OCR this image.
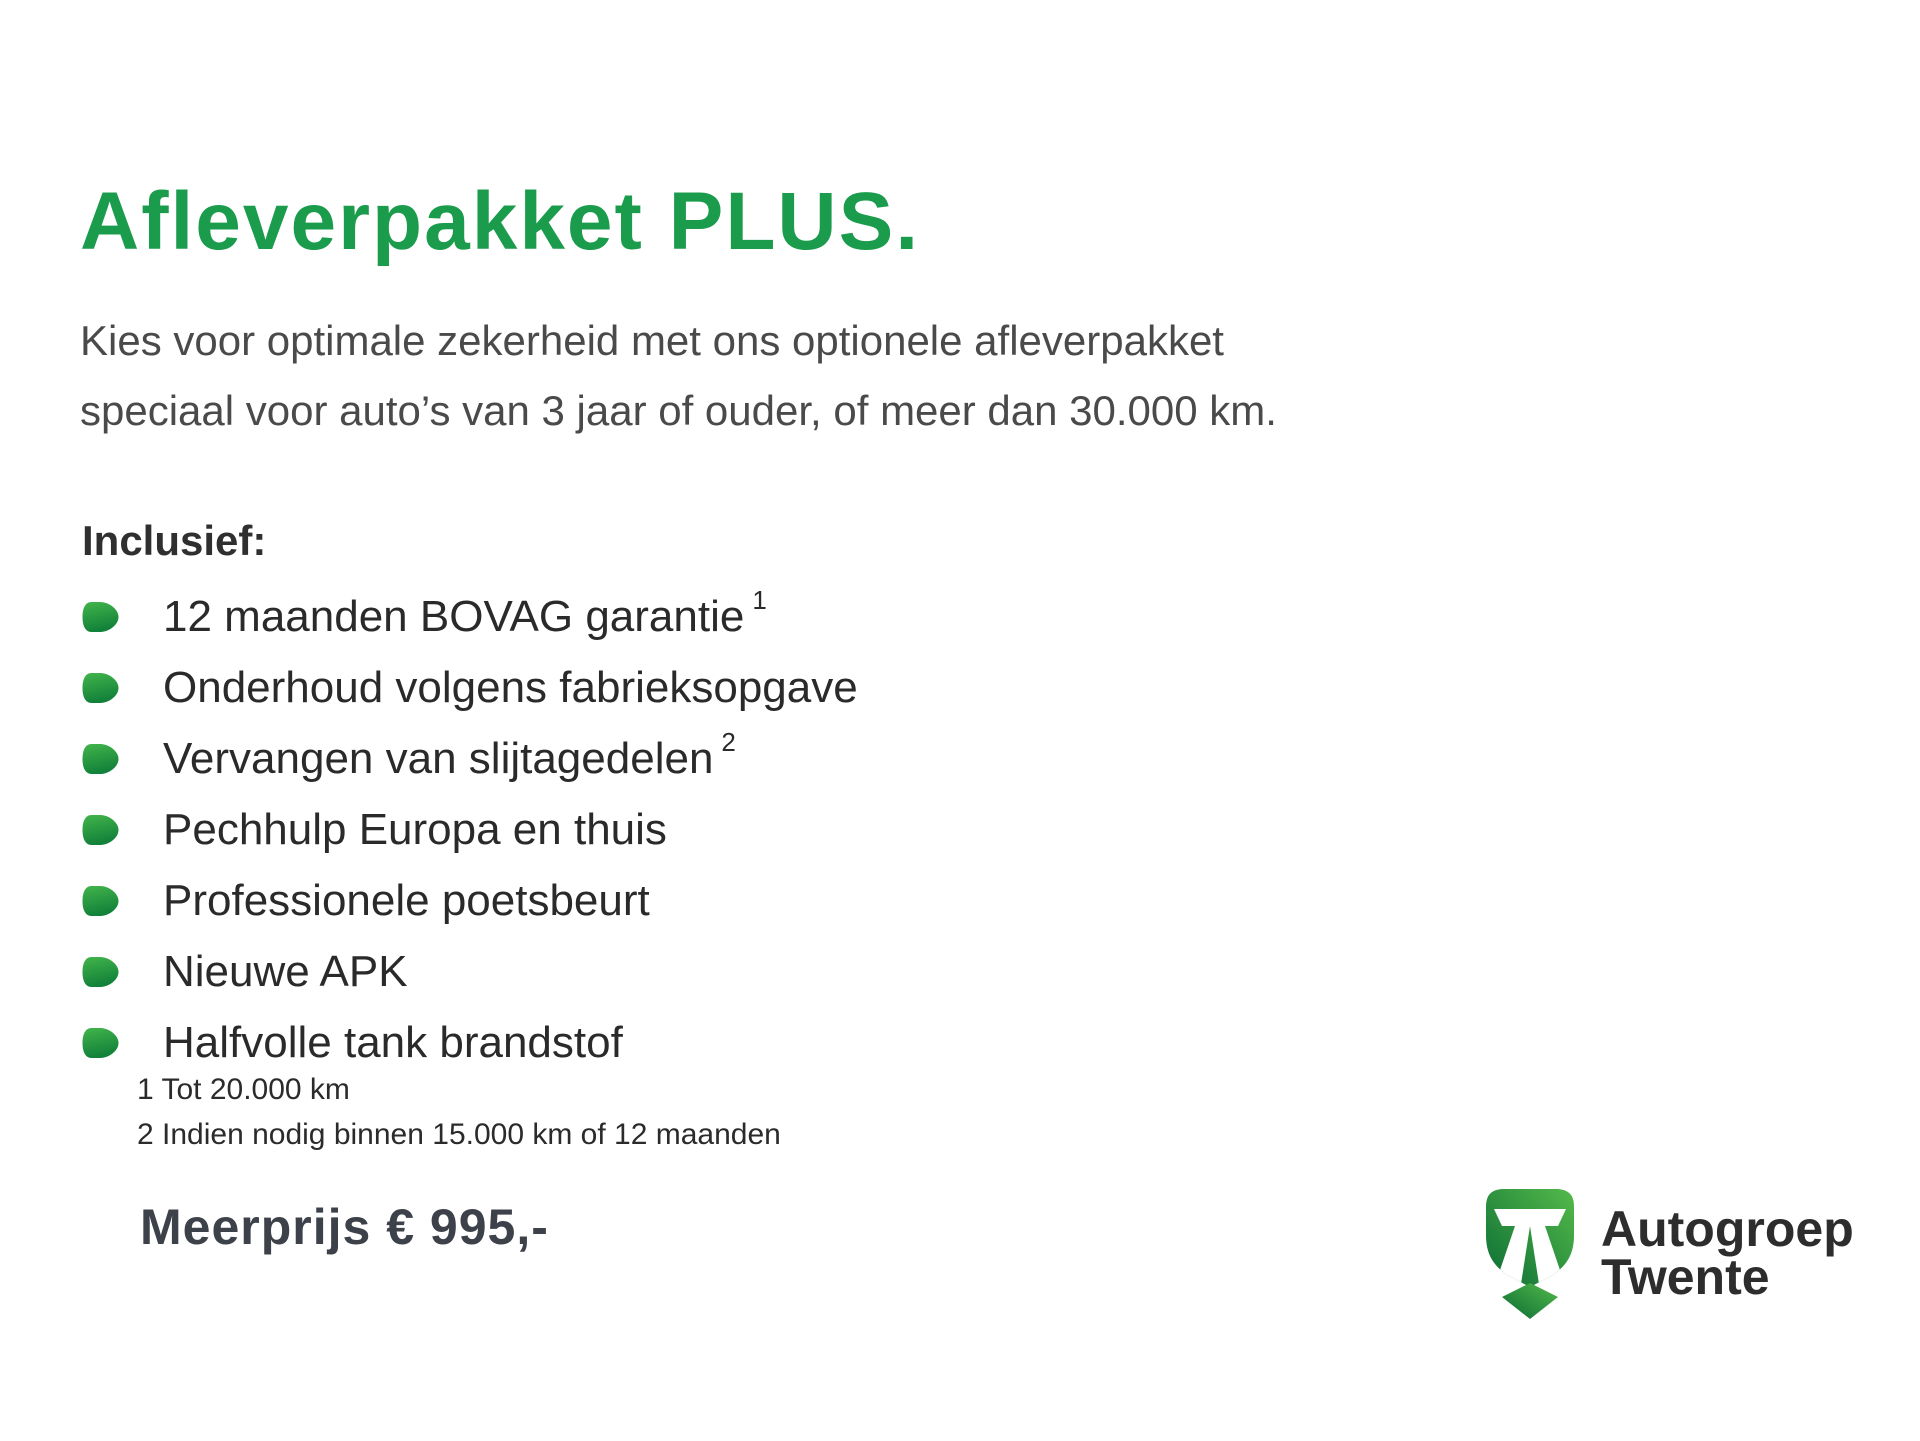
Afleverpakket PLUS.

Kies voor optimale zekerheid met ons optionele afleverpakket
speciaal voor auto’s van 3 jaar of ouder, of meer dan 30.000 km.

Inclusief:
12 maanden BOVAG garantie $^1$
Onderhoud volgens fabrieksopgave
Vervangen van slijtagedelen $^2$
Pechhulp Europa en thuis
Professionele poetsbeurt
Nieuwe APK
Halfvolle tank brandstof
1 Tot 20.000 km
2 Indien nodig binnen 15.000 km of 12 maanden
Meerprijs € 995,-	Autogroep
Twente
